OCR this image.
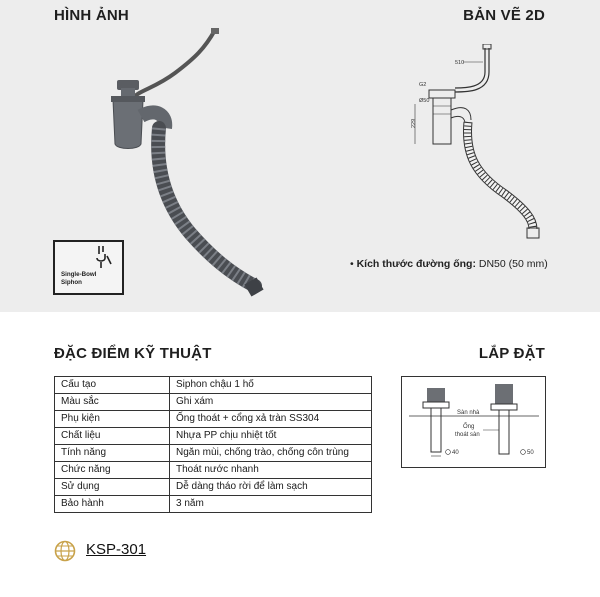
HÌNH ẢNH	BẢN VẼ 2D
Single-Bowl
Siphon
510
G2
Ø50
229
• Kích thước đường ống: DN50 (50 mm)
ĐẶC ĐIỂM KỸ THUẬT	LẮP ĐẶT
Cấu tạo	Siphon chậu 1 hố
Màu sắc	Ghi xám
Phụ kiện	Ống thoát + cổng xả tràn SS304
Chất liệu	Nhựa PP chịu nhiệt tốt
Tính năng	Ngăn mùi, chống trào, chống côn trùng
Chức năng	Thoát nước nhanh
Sử dụng	Dễ dàng tháo rời để làm sạch
Bảo hành	3 năm
40	50
Sàn nhà
Ống
thoát sàn
KSP-301
